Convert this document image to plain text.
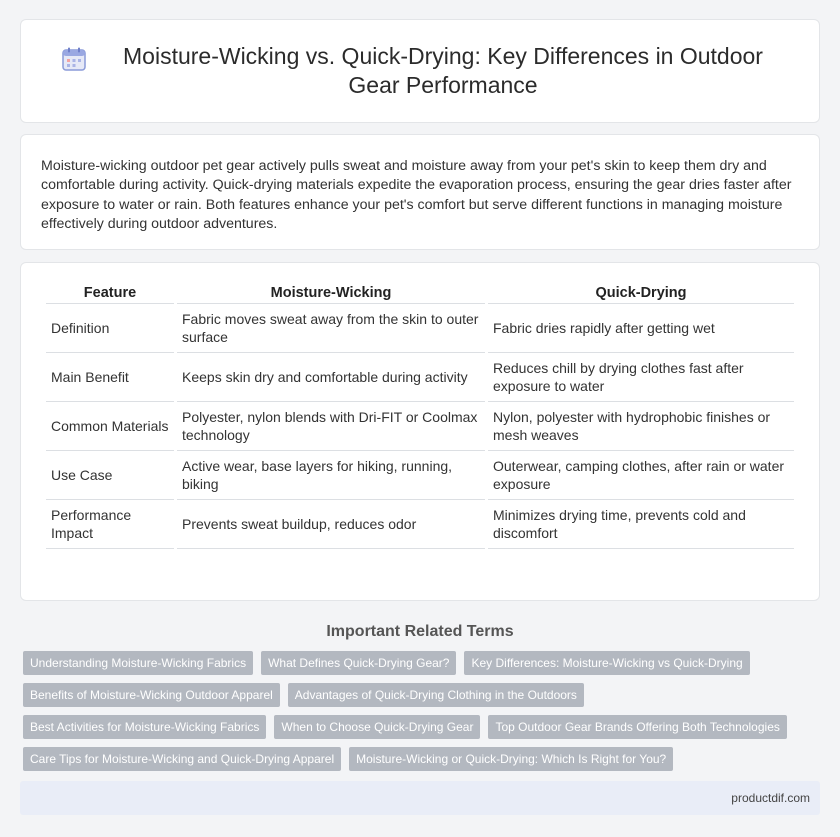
Moisture-Wicking vs. Quick-Drying: Key Differences in Outdoor Gear Performance

Moisture-wicking outdoor pet gear actively pulls sweat and moisture away from your pet's skin to keep them dry and comfortable during activity. Quick-drying materials expedite the evaporation process, ensuring the gear dries faster after exposure to water or rain. Both features enhance your pet's comfort but serve different functions in managing moisture effectively during outdoor adventures.

Feature	Moisture-Wicking	Quick-Drying
Definition	Fabric moves sweat away from the skin to outer surface	Fabric dries rapidly after getting wet
Main Benefit	Keeps skin dry and comfortable during activity	Reduces chill by drying clothes fast after exposure to water
Common Materials	Polyester, nylon blends with Dri-FIT or Coolmax technology	Nylon, polyester with hydrophobic finishes or mesh weaves
Use Case	Active wear, base layers for hiking, running, biking	Outerwear, camping clothes, after rain or water exposure
Performance Impact	Prevents sweat buildup, reduces odor	Minimizes drying time, prevents cold and discomfort
Important Related Terms
Understanding Moisture-Wicking Fabrics	What Defines Quick-Drying Gear?	Key Differences: Moisture-Wicking vs Quick-Drying
Benefits of Moisture-Wicking Outdoor Apparel	Advantages of Quick-Drying Clothing in the Outdoors
Best Activities for Moisture-Wicking Fabrics	When to Choose Quick-Drying Gear	Top Outdoor Gear Brands Offering Both Technologies
Care Tips for Moisture-Wicking and Quick-Drying Apparel	Moisture-Wicking or Quick-Drying: Which Is Right for You?
productdif.com
